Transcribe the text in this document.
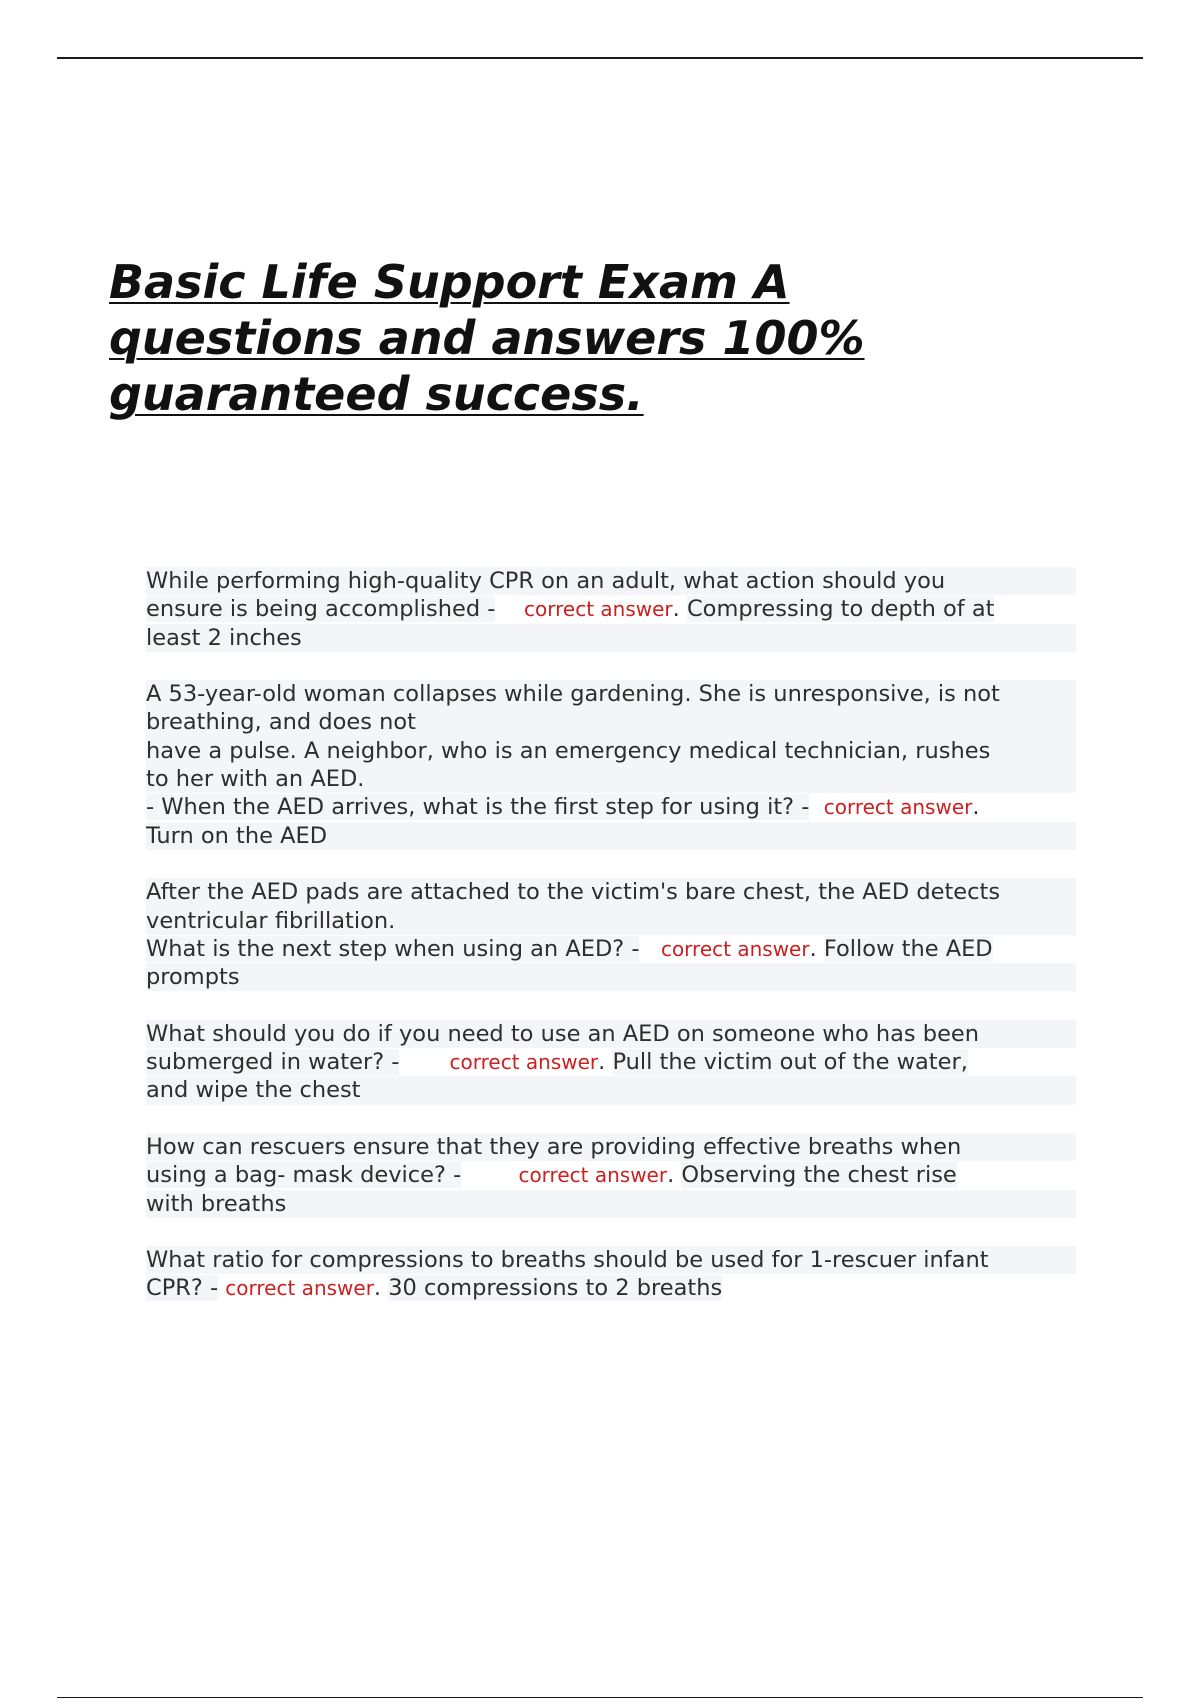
Basic Life Support Exam A
questions and answers 100%
guaranteed success.
While performing high-quality CPR on an adult, what action should you
ensure is being accomplished - correct answer. Compressing to depth of at
least 2 inches
A 53-year-old woman collapses while gardening. She is unresponsive, is not
breathing, and does not
have a pulse. A neighbor, who is an emergency medical technician, rushes
to her with an AED.
- When the AED arrives, what is the first step for using it? - correct answer.
Turn on the AED
After the AED pads are attached to the victim's bare chest, the AED detects
ventricular fibrillation.
What is the next step when using an AED? - correct answer. Follow the AED
prompts
What should you do if you need to use an AED on someone who has been
submerged in water? -	correct answer. Pull the victim out of the water,
and wipe the chest
How can rescuers ensure that they are providing effective breaths when
using a bag- mask device? -	correct answer. Observing the chest rise
with breaths
What ratio for compressions to breaths should be used for 1-rescuer infant
CPR? - correct answer. 30 compressions to 2 breaths
